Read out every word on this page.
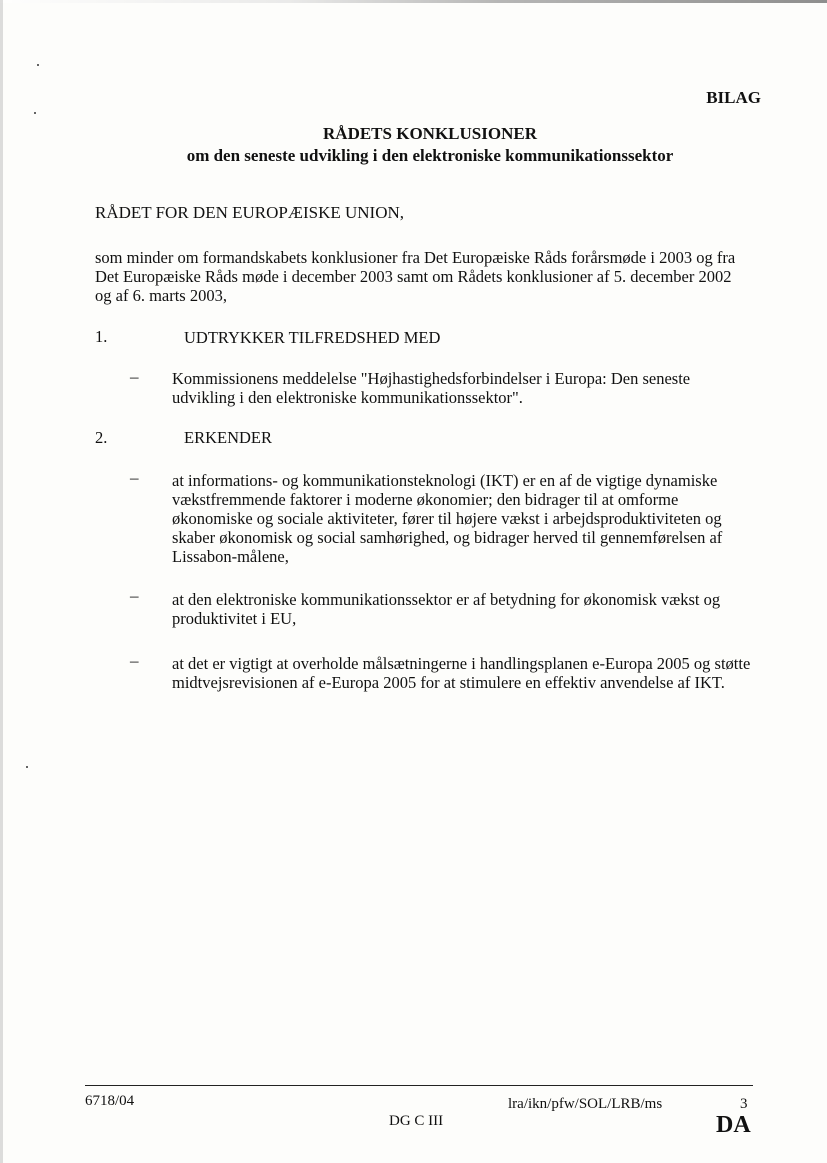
BILAG
RÅDETS KONKLUSIONER
om den seneste udvikling i den elektroniske kommunikationssektor
RÅDET FOR DEN EUROPÆISKE UNION,
som minder om formandskabets konklusioner fra Det Europæiske Råds forårsmøde i 2003 og fra Det Europæiske Råds møde i december 2003 samt om Rådets konklusioner af 5. december 2002 og af 6. marts 2003,
1.	UDTRYKKER TILFREDSHED MED
– Kommissionens meddelelse "Højhastighedsforbindelser i Europa: Den seneste udvikling i den elektroniske kommunikationssektor".
2.	ERKENDER
– at informations- og kommunikationsteknologi (IKT) er en af de vigtige dynamiske vækstfremmende faktorer i moderne økonomier; den bidrager til at omforme økonomiske og sociale aktiviteter, fører til højere vækst i arbejdsproduktiviteten og skaber økonomisk og social samhørighed, og bidrager herved til gennemførelsen af Lissabon-målene,
– at den elektroniske kommunikationssektor er af betydning for økonomisk vækst og produktivitet i EU,
– at det er vigtigt at overholde målsætningerne i handlingsplanen e-Europa 2005 og støtte midtvejsrevisionen af e-Europa 2005 for at stimulere en effektiv anvendelse af IKT.
6718/04	lra/ikn/pfw/SOL/LRB/ms	3
DG C III	DA
